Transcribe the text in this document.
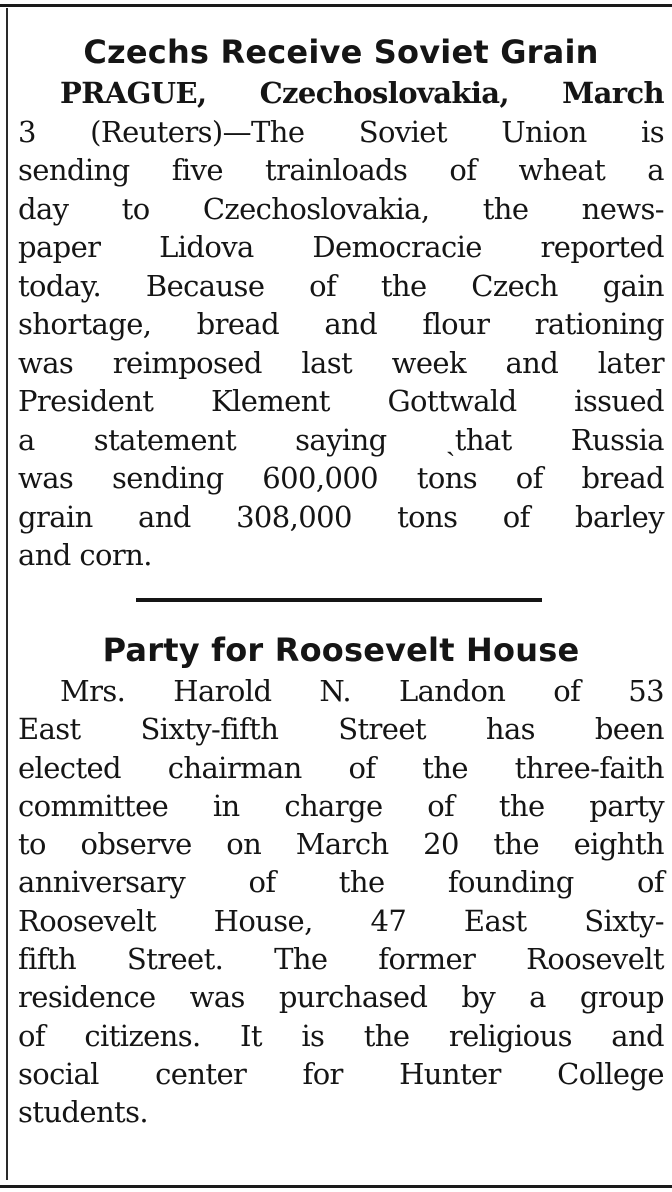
Czechs Receive Soviet Grain
PRAGUE, Czechoslovakia, March
3 (Reuters)—The Soviet Union is
sending five trainloads of wheat a
day to Czechoslovakia, the news-
paper Lidova Democracie reported
today. Because of the Czech gain
shortage, bread and flour rationing
was reimposed last week and later
President Klement Gottwald issued
a statement saying ˎthat Russia
was sending 600,000 tons of bread
grain and 308,000 tons of barley
and corn.
Party for Roosevelt House
Mrs. Harold N. Landon of 53
East Sixty-fifth Street has been
elected chairman of the three-faith
committee in charge of the party
to observe on March 20 the eighth
anniversary of the founding of
Roosevelt House, 47 East Sixty-
fifth Street. The former Roosevelt
residence was purchased by a group
of citizens. It is the religious and
social center for Hunter College
students.
